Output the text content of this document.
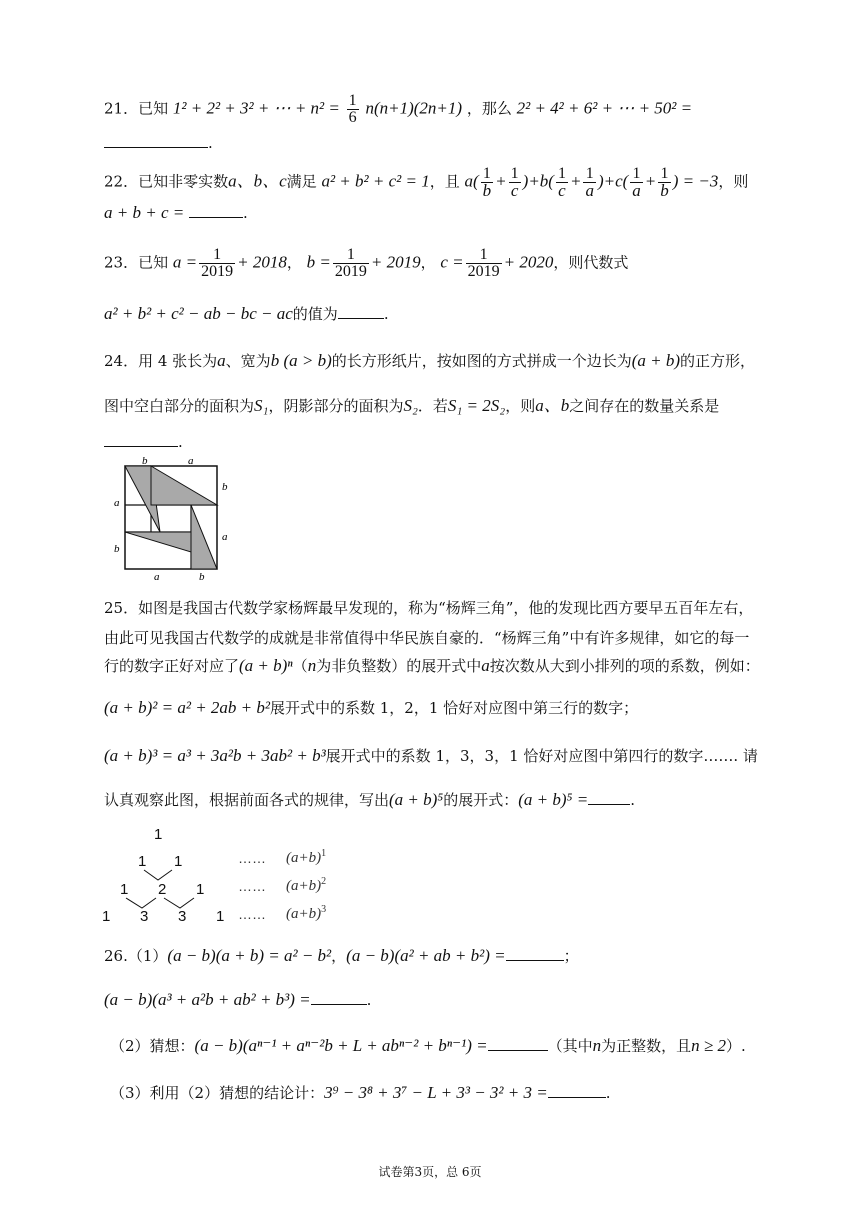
21．已知 1² + 2² + 3² + ⋯ + $n^2 = \frac{1}{6} n(n+1)(2n+1)$ ，那么 2² + 4² + 6² + ⋯ + 50² =
.
22．已知非零实数a、b、c满足 a² + b² + c² = 1，且 $a( \frac{1}{b} + \frac{1}{c} )+b( \frac{1}{c} + \frac{1}{a} )+c( \frac{1}{a} + \frac{1}{b}$ ) = −3，则
a + b + c =	.
23．已知 $a = \frac{1}{2019} + 2018$， $b = \frac{1}{2019} + 2019$， $c = \frac{1}{2019} + 2020$，则代数式
a² + b² + c² − ab − bc − ac的值为	.
24．用 4 张长为a、宽为b (a > b)的长方形纸片，按如图的方式拼成一个边长为(a + b)的正方形，
图中空白部分的面积为S₁，阴影部分的面积为S₂．若S₁ = 2S₂，则a、b之间存在的数量关系是
.
b	a
b
a
a
b
a	b
25．如图是我国古代数学家杨辉最早发现的，称为“杨辉三角”，他的发现比西方要早五百年左右，
由此可见我国古代数学的成就是非常值得中华民族自豪的．“杨辉三角”中有许多规律，如它的每一
行的数字正好对应了(a + b)ⁿ（n为非负整数）的展开式中a按次数从大到小排列的项的系数，例如：
(a + b)² = a² + 2ab + b²展开式中的系数 1，2，1 恰好对应图中第三行的数字；
(a + b)³ = a³ + 3a²b + 3ab² + b³展开式中的系数 1，3，3，1 恰好对应图中第四行的数字……. 请
认真观察此图，根据前面各式的规律，写出(a + b)⁵的展开式：(a + b)⁵ =	.
1
1 1
1 2 1
1 3 3 1
……
……
……
$(a+b)^1$
$(a+b)^2$
$(a+b)^3$
26.（1）(a − b)(a + b) = a² − b²，(a − b)(a² + ab + b²) =	；
(a − b)(a³ + a²b + ab² + b³) =	.
（2）猜想：(a − b)(aⁿ⁻¹ + aⁿ⁻²b + L + abⁿ⁻² + bⁿ⁻¹) =	（其中n为正整数，且n ≥ 2）.
（3）利用（2）猜想的结论计：3⁹ − 3⁸ + 3⁷ − L + 3³ − 3² + 3 =	.
试卷第3页，总 6页
